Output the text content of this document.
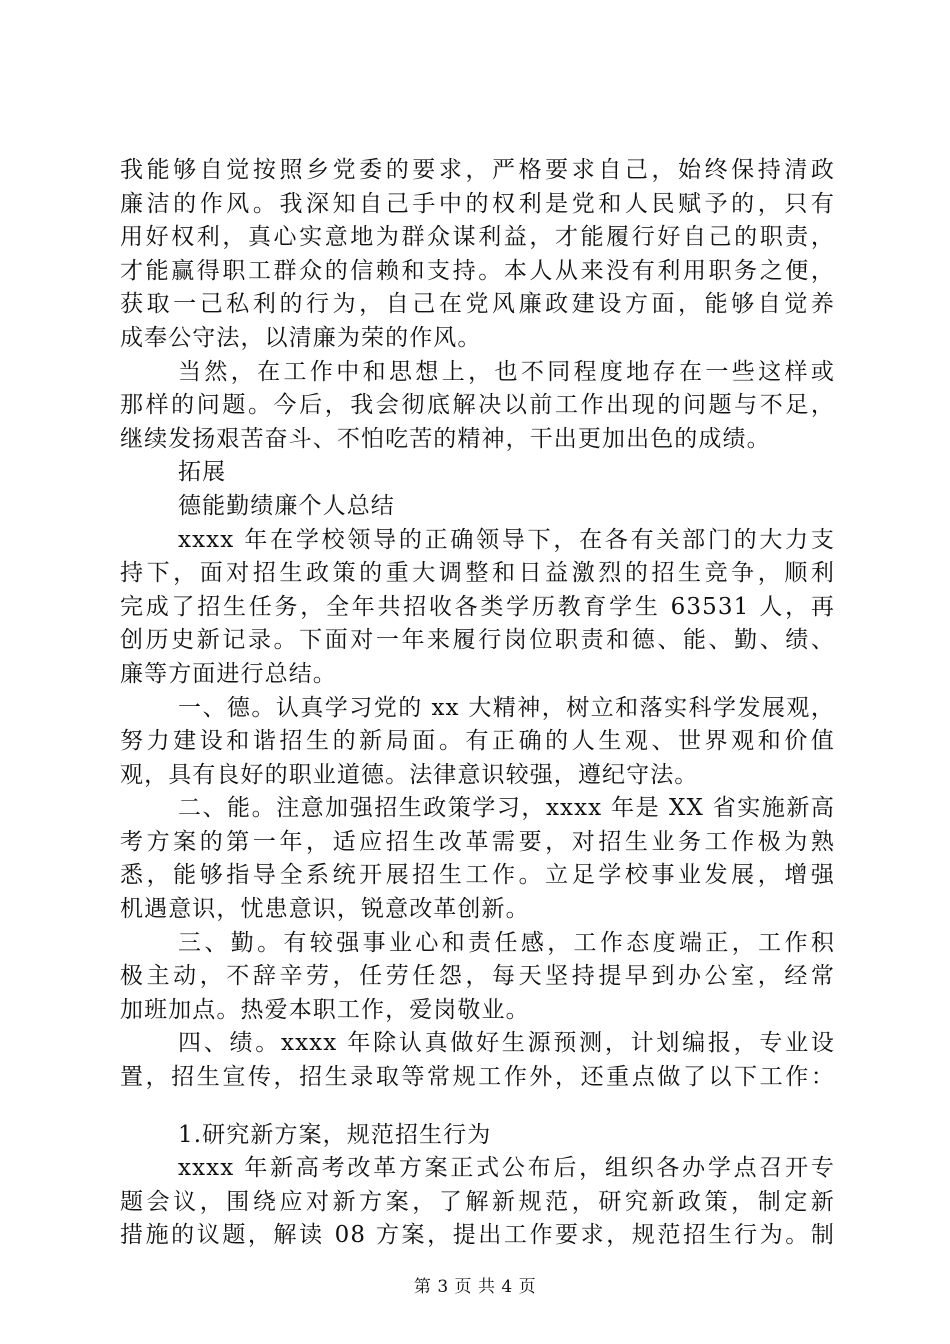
我能够自觉按照乡党委的要求，严格要求自己，始终保持清政
廉洁的作风。我深知自己手中的权利是党和人民赋予的，只有
用好权利，真心实意地为群众谋利益，才能履行好自己的职责，
才能赢得职工群众的信赖和支持。本人从来没有利用职务之便，
获取一己私利的行为，自己在党风廉政建设方面，能够自觉养
成奉公守法，以清廉为荣的作风。
当然，在工作中和思想上，也不同程度地存在一些这样或
那样的问题。今后，我会彻底解决以前工作出现的问题与不足，
继续发扬艰苦奋斗、不怕吃苦的精神，干出更加出色的成绩。
拓展
德能勤绩廉个人总结
xxxx 年在学校领导的正确领导下，在各有关部门的大力支
持下，面对招生政策的重大调整和日益激烈的招生竞争，顺利
完成了招生任务，全年共招收各类学历教育学生 63531 人，再
创历史新记录。下面对一年来履行岗位职责和德、能、勤、绩、
廉等方面进行总结。
一、德。认真学习党的 xx 大精神，树立和落实科学发展观，
努力建设和谐招生的新局面。有正确的人生观、世界观和价值
观，具有良好的职业道德。法律意识较强，遵纪守法。
二、能。注意加强招生政策学习，xxxx 年是 XX 省实施新高
考方案的第一年，适应招生改革需要，对招生业务工作极为熟
悉，能够指导全系统开展招生工作。立足学校事业发展，增强
机遇意识，忧患意识，锐意改革创新。
三、勤。有较强事业心和责任感，工作态度端正，工作积
极主动，不辞辛劳，任劳任怨，每天坚持提早到办公室，经常
加班加点。热爱本职工作，爱岗敬业。
四、绩。xxxx 年除认真做好生源预测，计划编报，专业设
置，招生宣传，招生录取等常规工作外，还重点做了以下工作：
1.研究新方案，规范招生行为
xxxx 年新高考改革方案正式公布后，组织各办学点召开专
题会议，围绕应对新方案，了解新规范，研究新政策，制定新
措施的议题，解读 08 方案，提出工作要求，规范招生行为。制
第 3 页 共 4 页
